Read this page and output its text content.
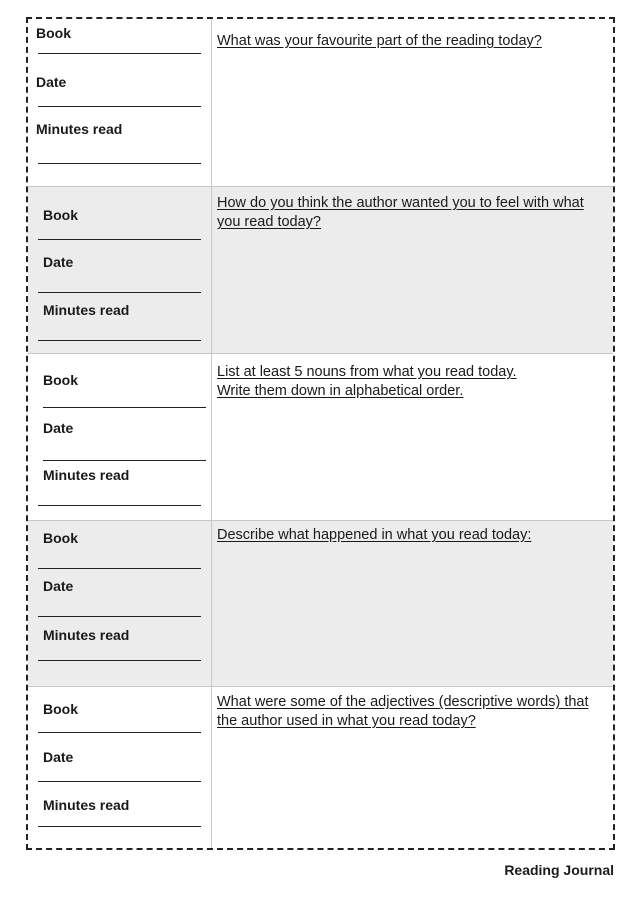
Book
Date
Minutes read
What was your favourite part of the reading today?
Book
Date
Minutes read
How do you think the author wanted you to feel with what you read today?
Book
Date
Minutes read
List at least 5 nouns from what you read today.
Write them down in alphabetical order.
Book
Date
Minutes read
Describe what happened in what you read today:
Book
Date
Minutes read
What were some of the adjectives (descriptive words) that the author used in what you read today?
Reading Journal
